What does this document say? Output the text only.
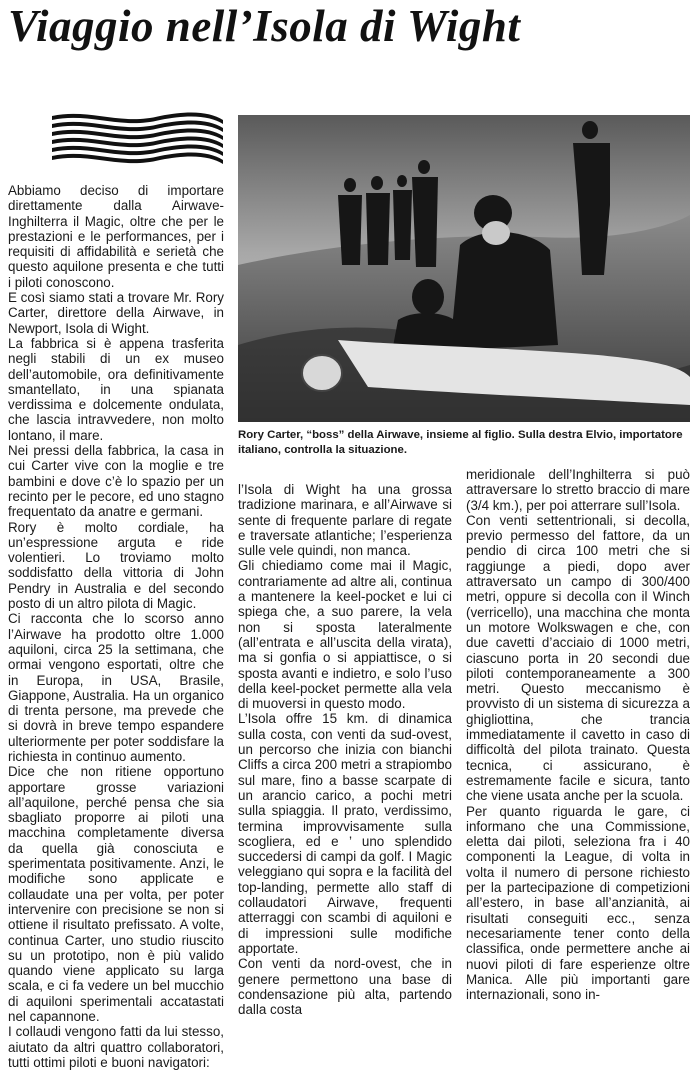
Viaggio nell’Isola di Wight

Abbiamo deciso di importare direttamente dalla Airwave-Inghilterra il Magic, oltre che per le prestazioni e le performances, per i requisiti di affidabilità e serietà che questo aquilone presenta e che tutti i piloti conoscono.

E così siamo stati a trovare Mr. Rory Carter, direttore della Airwave, in Newport, Isola di Wight.

La fabbrica si è appena trasferita negli stabili di un ex museo dell’automobile, ora definitivamente smantellato, in una spianata verdissima e dolcemente ondulata, che lascia intravvedere, non molto lontano, il mare.

Nei pressi della fabbrica, la casa in cui Carter vive con la moglie e tre bambini e dove c’è lo spazio per un recinto per le pecore, ed uno stagno frequentato da anatre e germani.

Rory è molto cordiale, ha un’espressione arguta e ride volentieri. Lo troviamo molto soddisfatto della vittoria di John Pendry in Australia e del secondo posto di un altro pilota di Magic.

Ci racconta che lo scorso anno l’Airwave ha prodotto oltre 1.000 aquiloni, circa 25 la settimana, che ormai vengono esportati, oltre che in Europa, in USA, Brasile, Giappone, Australia. Ha un organico di trenta persone, ma prevede che si dovrà in breve tempo espandere ulteriormente per poter soddisfare la richiesta in continuo aumento.

Dice che non ritiene opportuno apportare grosse variazioni all’aquilone, perché pensa che sia sbagliato proporre ai piloti una macchina completamente diversa da quella già conosciuta e sperimentata positivamente. Anzi, le modifiche sono applicate e collaudate una per volta, per poter intervenire con precisione se non si ottiene il risultato prefissato. A volte, continua Carter, uno studio riuscito su un prototipo, non è più valido quando viene applicato su larga scala, e ci fa vedere un bel mucchio di aquiloni sperimentali accatastati nel capannone.

I collaudi vengono fatti da lui stesso, aiutato da altri quattro collaboratori, tutti ottimi piloti e buoni navigatori:

Rory Carter, “boss” della Airwave, insieme al figlio. Sulla destra Elvio, importatore italiano, controlla la situazione.

l’Isola di Wight ha una grossa tradizione marinara, e all’Airwave si sente di frequente parlare di regate e traversate atlantiche; l’esperienza sulle vele quindi, non manca.

Gli chiediamo come mai il Magic, contrariamente ad altre ali, continua a mantenere la keel-pocket e lui ci spiega che, a suo parere, la vela non si sposta lateralmente (all’entrata e all’uscita della virata), ma si gonfia o si appiattisce, o si sposta avanti e indietro, e solo l’uso della keel-pocket permette alla vela di muoversi in questo modo.

L’Isola offre 15 km. di dinamica sulla costa, con venti da sud-ovest, un percorso che inizia con bianchi Cliffs a circa 200 metri a strapiombo sul mare, fino a basse scarpate di un arancio carico, a pochi metri sulla spiaggia. Il prato, verdissimo, termina improvvisamente sulla scogliera, ed e ’ uno splendido succedersi di campi da golf. I Magic veleggiano qui sopra e la facilità del top-landing, permette allo staff di collaudatori Airwave, frequenti atterraggi con scambi di aquiloni e di impressioni sulle modifiche apportate.

Con venti da nord-ovest, che in genere permettono una base di condensazione più alta, partendo dalla costa

meridionale dell’Inghilterra si può attraversare lo stretto braccio di mare (3/4 km.), per poi atterrare sull’Isola.

Con venti settentrionali, si decolla, previo permesso del fattore, da un pendio di circa 100 metri che si raggiunge a piedi, dopo aver attraversato un campo di 300/400 metri, oppure si decolla con il Winch (verricello), una macchina che monta un motore Wolkswagen e che, con due cavetti d’acciaio di 1000 metri, ciascuno porta in 20 secondi due piloti contemporaneamente a 300 metri. Questo meccanismo è provvisto di un sistema di sicurezza a ghigliottina, che trancia immediatamente il cavetto in caso di difficoltà del pilota trainato. Questa tecnica, ci assicurano, è estremamente facile e sicura, tanto che viene usata anche per la scuola.

Per quanto riguarda le gare, ci informano che una Commissione, eletta dai piloti, seleziona fra i 40 componenti la League, di volta in volta il numero di persone richiesto per la partecipazione di competizioni all’estero, in base all’anzianità, ai risultati conseguiti ecc., senza necesariamente tener conto della classifica, onde permettere anche ai nuovi piloti di fare esperienze oltre Manica. Alle più importanti gare internazionali, sono in-
